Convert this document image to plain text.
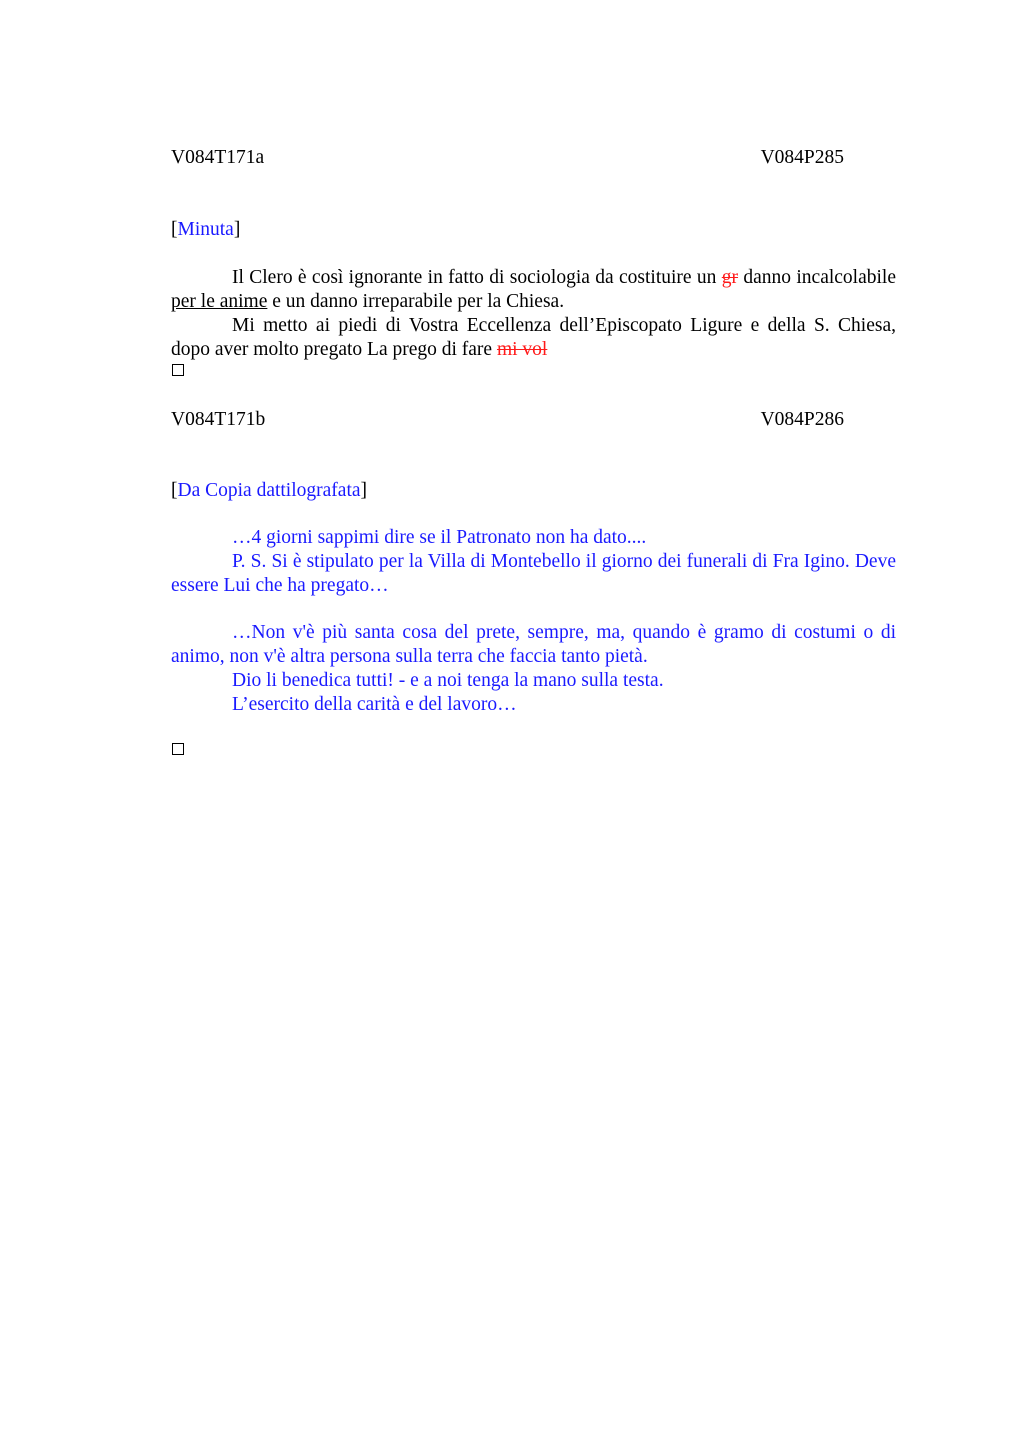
V084T171a	V084P285
[Minuta]

Il Clero è così ignorante in fatto di sociologia da costituire un gr danno incalcolabile per le anime e un danno irreparabile per la Chiesa.

Mi metto ai piedi di Vostra Eccellenza dell’Episcopato Ligure e della S. Chiesa, dopo aver molto pregato La prego di fare mi vol

V084T171b	V084P286
[Da Copia dattilografata]

…4 giorni sappimi dire se il Patronato non ha dato....

P. S. Si è stipulato per la Villa di Montebello il giorno dei funerali di Fra Igino. Deve essere Lui che ha pregato…

…Non v'è più santa cosa del prete, sempre, ma, quando è gramo di costumi o di animo, non v'è altra persona sulla terra che faccia tanto pietà.

Dio li benedica tutti! - e a noi tenga la mano sulla testa.

L’esercito della carità e del lavoro…
